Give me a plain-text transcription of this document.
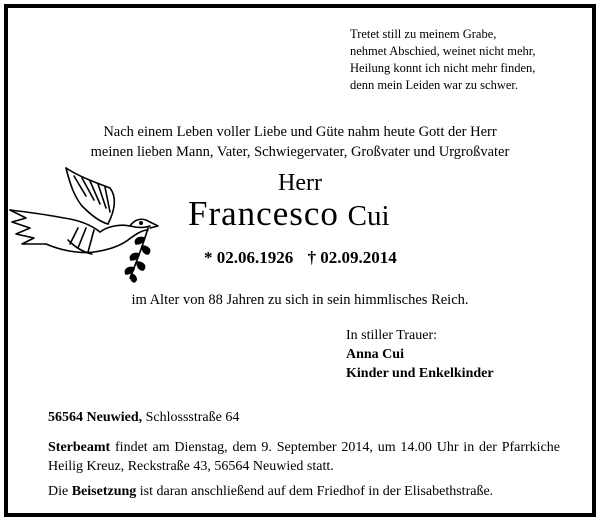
Tretet still zu meinem Grabe,
nehmet Abschied, weinet nicht mehr,
Heilung konnt ich nicht mehr finden,
denn mein Leiden war zu schwer.
Nach einem Leben voller Liebe und Güte nahm heute Gott der Herr
meinen lieben Mann, Vater, Schwiegervater, Großvater und Urgroßvater
Herr
Francesco Cui
* 02.06.1926 † 02.09.2014
im Alter von 88 Jahren zu sich in sein himmlisches Reich.
In stiller Trauer:
Anna Cui
Kinder und Enkelkinder
56564 Neuwied, Schlossstraße 64
Sterbeamt findet am Dienstag, dem 9. September 2014, um 14.00 Uhr in der Pfarrkiche Heilig Kreuz, Reckstraße 43, 56564 Neuwied statt.
Die Beisetzung ist daran anschließend auf dem Friedhof in der Elisabethstraße.
